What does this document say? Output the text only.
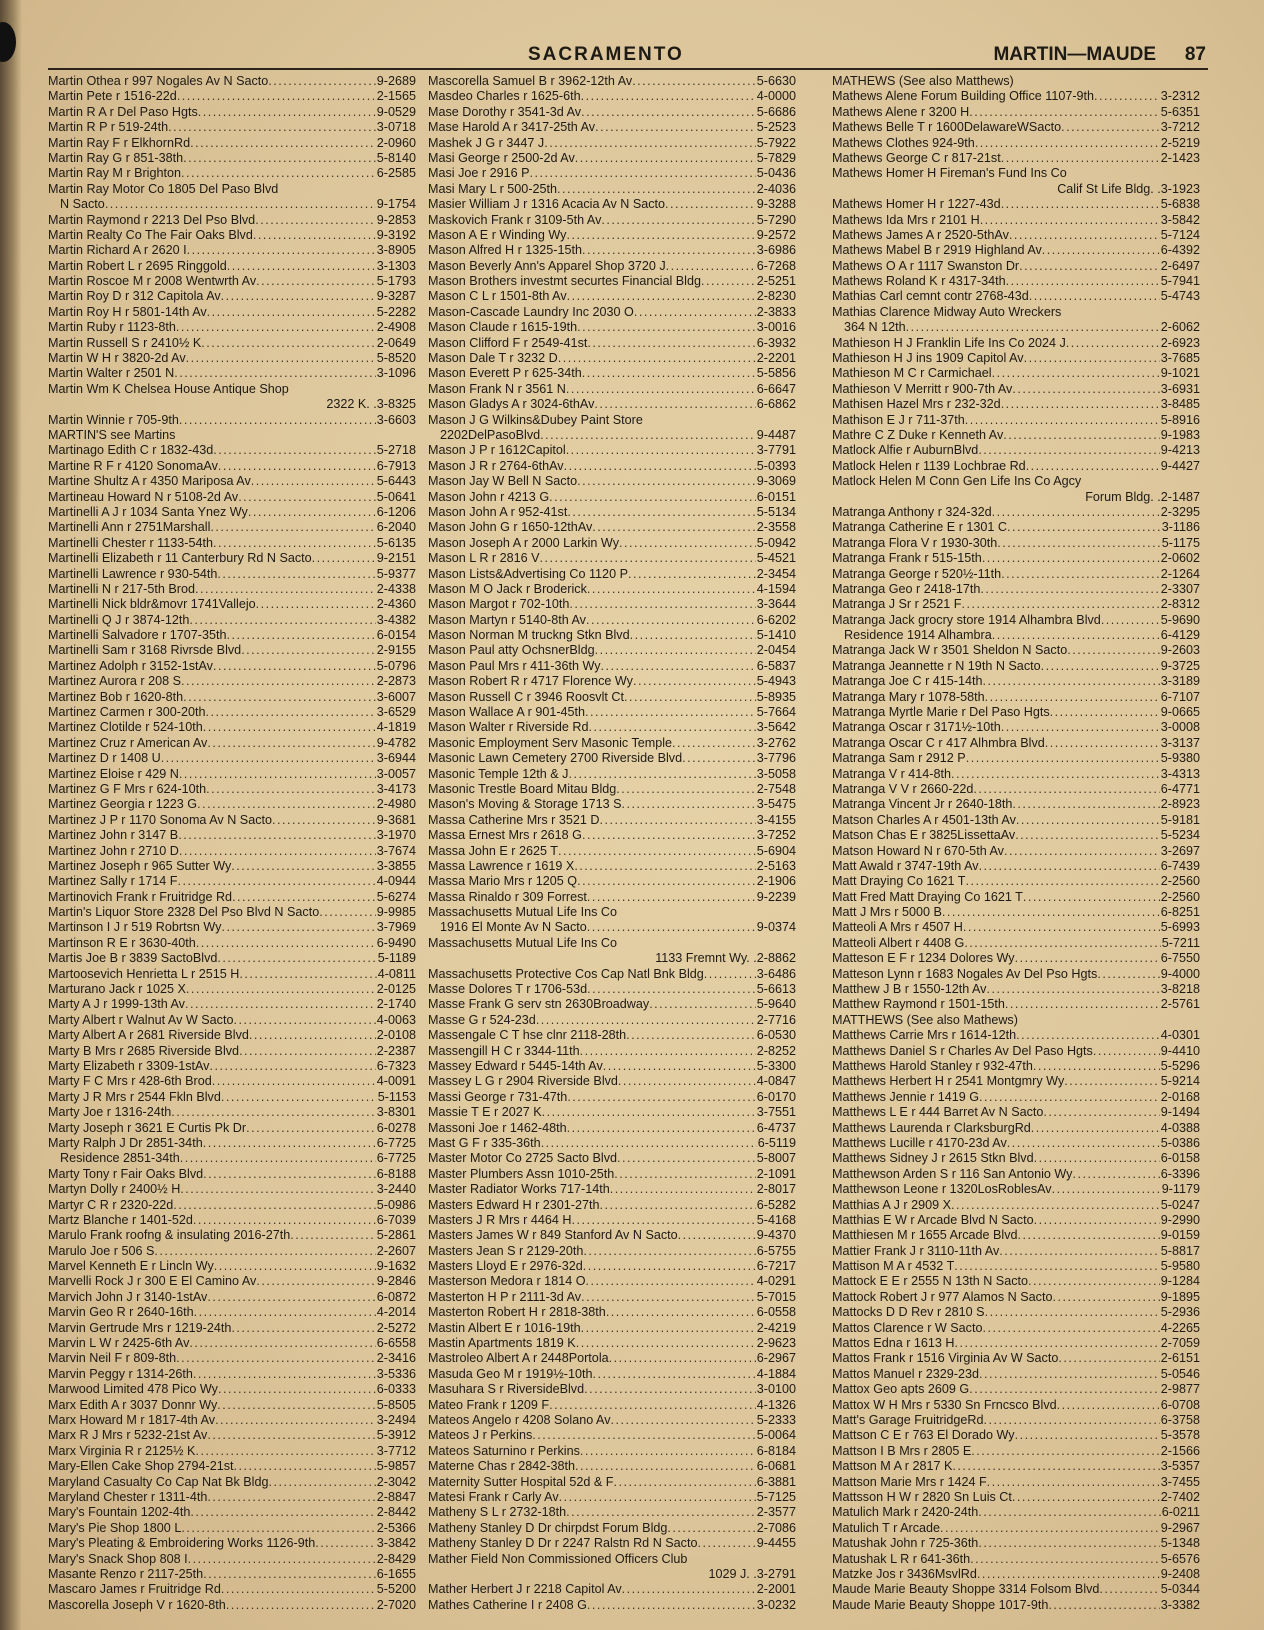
SACRAMENTO	MARTIN—MAUDE 87
Martin Othea r 997 Nogales Av N Sacto . . .	9-2689
Martin Pete r 1516-22d . . .	2-1565
Martin R A r Del Paso Hgts . . .	9-0529
Martin R P r 519-24th . . .	3-0718
Martin Ray F r ElkhornRd . . .	2-0960
Martin Ray G r 851-38th . . .	5-8140
Martin Ray M r Brighton . . .	6-2585
Martin Ray Motor Co 1805 Del Paso Blvd
N Sacto . . .	9-1754
Martin Raymond r 2213 Del Pso Blvd . . .	9-2853
Martin Realty Co The Fair Oaks Blvd . . .	9-3192
Martin Richard A r 2620 I . . .	3-8905
Martin Robert L r 2695 Ringgold . . .	3-1303
Martin Roscoe M r 2008 Wentwrth Av . . .	5-1793
Martin Roy D r 312 Capitola Av . . .	9-3287
Martin Roy H r 5801-14th Av . . .	5-2282
Martin Ruby r 1123-8th . . .	2-4908
Martin Russell S r 2410½ K . . .	2-0649
Martin W H r 3820-2d Av . . .	5-8520
Martin Walter r 2501 N . . .	3-1096
Martin Wm K Chelsea House Antique Shop
2322 K. .3-8325
Martin Winnie r 705-9th . . .	3-6603
MARTIN'S see Martins
Martinago Edith C r 1832-43d . . .	5-2718
Martine R F r 4120 SonomaAv . . .	6-7913
Martine Shultz A r 4350 Mariposa Av . . .	5-6443
Martineau Howard N r 5108-2d Av . . .	5-0641
Martinelli A J r 1034 Santa Ynez Wy . . .	6-1206
Martinelli Ann r 2751Marshall . . .	6-2040
Martinelli Chester r 1133-54th . . .	5-6135
Martinelli Elizabeth r 11 Canterbury Rd N Sacto . . .	9-2151
Martinelli Lawrence r 930-54th . . .	5-9377
Martinelli N r 217-5th Brod . . .	2-4338
Martinelli Nick bldr&movr 1741Vallejo . . .	2-4360
Martinelli Q J r 3874-12th . . .	3-4382
Martinelli Salvadore r 1707-35th . . .	6-0154
Martinelli Sam r 3168 Rivrsde Blvd . . .	2-9155
Martinez Adolph r 3152-1stAv . . .	5-0796
Martinez Aurora r 208 S . . .	2-2873
Martinez Bob r 1620-8th . . .	3-6007
Martinez Carmen r 300-20th . . .	3-6529
Martinez Clotilde r 524-10th . . .	4-1819
Martinez Cruz r American Av . . .	9-4782
Martinez D r 1408 U . . .	3-6944
Martinez Eloise r 429 N . . .	3-0057
Martinez G F Mrs r 624-10th . . .	3-4173
Martinez Georgia r 1223 G . . .	2-4980
Martinez J P r 1170 Sonoma Av N Sacto . . .	9-3681
Martinez John r 3147 B . . .	3-1970
Martinez John r 2710 D . . .	3-7674
Martinez Joseph r 965 Sutter Wy . . .	3-3855
Martinez Sally r 1714 F . . .	4-0944
Martinovich Frank r Fruitridge Rd . . .	5-6274
Martin's Liquor Store 2328 Del Pso Blvd N Sacto . . .	9-9985
Martinson I J r 519 Robrtsn Wy . . .	3-7969
Martinson R E r 3630-40th . . .	6-9490
Martis Joe B r 3839 SactoBlvd . . .	5-1189
Martoosevich Henrietta L r 2515 H . . .	4-0811
Marturano Jack r 1025 X . . .	2-0125
Marty A J r 1999-13th Av . . .	2-1740
Marty Albert r Walnut Av W Sacto . . .	4-0063
Marty Albert A r 2681 Riverside Blvd . . .	2-0108
Marty B Mrs r 2685 Riverside Blvd . . .	2-2387
Marty Elizabeth r 3309-1stAv . . .	6-7323
Marty F C Mrs r 428-6th Brod . . .	4-0091
Marty J R Mrs r 2544 Fkln Blvd . . .	5-1153
Marty Joe r 1316-24th . . .	3-8301
Marty Joseph r 3621 E Curtis Pk Dr . . .	6-0278
Marty Ralph J Dr 2851-34th . . .	6-7725
Residence 2851-34th . . .	6-7725
Marty Tony r Fair Oaks Blvd . . .	6-8188
Martyn Dolly r 2400½ H . . .	3-2440
Martyr C R r 2320-22d . . .	5-0986
Martz Blanche r 1401-52d . . .	6-7039
Marulo Frank roofng & insulating 2016-27th . . .	5-2861
Marulo Joe r 506 S . . .	2-2607
Marvel Kenneth E r Lincln Wy . . .	9-1632
Marvelli Rock J r 300 E El Camino Av . . .	9-2846
Marvich John J r 3140-1stAv . . .	6-0872
Marvin Geo R r 2640-16th . . .	4-2014
Marvin Gertrude Mrs r 1219-24th . . .	2-5272
Marvin L W r 2425-6th Av . . .	6-6558
Marvin Neil F r 809-8th . . .	2-3416
Marvin Peggy r 1314-26th . . .	3-5336
Marwood Limited 478 Pico Wy . . .	6-0333
Marx Edith A r 3037 Donnr Wy . . .	5-8505
Marx Howard M r 1817-4th Av . . .	3-2494
Marx R J Mrs r 5232-21st Av . . .	5-3912
Marx Virginia R r 2125½ K . . .	3-7712
Mary-Ellen Cake Shop 2794-21st . . .	5-9857
Maryland Casualty Co Cap Nat Bk Bldg . . .	2-3042
Maryland Chester r 1311-4th . . .	2-8847
Mary's Fountain 1202-4th . . .	2-8442
Mary's Pie Shop 1800 L . . .	2-5366
Mary's Pleating & Embroidering Works 1126-9th . . .	3-3842
Mary's Snack Shop 808 I . . .	2-8429
Masante Renzo r 2117-25th . . .	6-1655
Mascaro James r Fruitridge Rd . . .	5-5200
Mascorella Joseph V r 1620-8th . . .	2-7020
Mascorella Samuel B r 3962-12th Av . . .	5-6630
Masdeo Charles r 1625-6th . . .	4-0000
Mase Dorothy r 3541-3d Av . . .	5-6686
Mase Harold A r 3417-25th Av . . .	5-2523
Mashek J G r 3447 J . . .	5-7922
Masi George r 2500-2d Av . . .	5-7829
Masi Joe r 2916 P . . .	5-0436
Masi Mary L r 500-25th . . .	2-4036
Masier William J r 1316 Acacia Av N Sacto . . .	9-3288
Maskovich Frank r 3109-5th Av . . .	5-7290
Mason A E r Winding Wy . . .	9-2572
Mason Alfred H r 1325-15th . . .	3-6986
Mason Beverly Ann's Apparel Shop 3720 J . . .	6-7268
Mason Brothers investmt securtes Financial Bldg . . .	2-5251
Mason C L r 1501-8th Av . . .	2-8230
Mason-Cascade Laundry Inc 2030 O . . .	2-3833
Mason Claude r 1615-19th . . .	3-0016
Mason Clifford F r 2549-41st . . .	6-3932
Mason Dale T r 3232 D . . .	2-2201
Mason Everett P r 625-34th . . .	5-5856
Mason Frank N r 3561 N . . .	6-6647
Mason Gladys A r 3024-6thAv . . .	6-6862
Mason J G Wilkins&Dubey Paint Store
2202DelPasoBlvd . . .	9-4487
Mason J P r 1612Capitol . . .	3-7791
Mason J R r 2764-6thAv . . .	5-0393
Mason Jay W Bell N Sacto . . .	9-3069
Mason John r 4213 G . . .	6-0151
Mason John A r 952-41st . . .	5-5134
Mason John G r 1650-12thAv . . .	2-3558
Mason Joseph A r 2000 Larkin Wy . . .	5-0942
Mason L R r 2816 V . . .	5-4521
Mason Lists&Advertising Co 1120 P . . .	2-3454
Mason M O Jack r Broderick . . .	4-1594
Mason Margot r 702-10th . . .	3-3644
Mason Martyn r 5140-8th Av . . .	6-6202
Mason Norman M truckng Stkn Blvd . . .	5-1410
Mason Paul atty OchsnerBldg . . .	2-0454
Mason Paul Mrs r 411-36th Wy . . .	6-5837
Mason Robert R r 4717 Florence Wy . . .	5-4943
Mason Russell C r 3946 Roosvlt Ct . . .	5-8935
Mason Wallace A r 901-45th . . .	5-7664
Mason Walter r Riverside Rd . . .	3-5642
Masonic Employment Serv Masonic Temple . . .	3-2762
Masonic Lawn Cemetery 2700 Riverside Blvd . . .	3-7796
Masonic Temple 12th & J . . .	3-5058
Masonic Trestle Board Mitau Bldg . . .	2-7548
Mason's Moving & Storage 1713 S . . .	3-5475
Massa Catherine Mrs r 3521 D . . .	3-4155
Massa Ernest Mrs r 2618 G . . .	3-7252
Massa John E r 2625 T . . .	5-6904
Massa Lawrence r 1619 X . . .	2-5163
Massa Mario Mrs r 1205 Q . . .	2-1906
Massa Rinaldo r 309 Forrest . . .	9-2239
Massachusetts Mutual Life Ins Co
1916 El Monte Av N Sacto . . .	9-0374
Massachusetts Mutual Life Ins Co
1133 Fremnt Wy. .2-8862
Massachusetts Protective Cos Cap Natl Bnk Bldg . . .	3-6486
Masse Dolores T r 1706-53d . . .	5-6613
Masse Frank G serv stn 2630Broadway . . .	5-9640
Masse G r 524-23d . . .	2-7716
Massengale C T hse clnr 2118-28th . . .	6-0530
Massengill H C r 3344-11th . . .	2-8252
Massey Edward r 5445-14th Av . . .	5-3300
Massey L G r 2904 Riverside Blvd . . .	4-0847
Massi George r 731-47th . . .	6-0170
Massie T E r 2027 K . . .	3-7551
Massoni Joe r 1462-48th . . .	6-4737
Mast G F r 335-36th . . .	6-5119
Master Motor Co 2725 Sacto Blvd . . .	5-8007
Master Plumbers Assn 1010-25th . . .	2-1091
Master Radiator Works 717-14th . . .	2-8017
Masters Edward H r 2301-27th . . .	6-5282
Masters J R Mrs r 4464 H . . .	5-4168
Masters James W r 849 Stanford Av N Sacto . . .	9-4370
Masters Jean S r 2129-20th . . .	6-5755
Masters Lloyd E r 2976-32d . . .	6-7217
Masterson Medora r 1814 O . . .	4-0291
Masterton H P r 2111-3d Av . . .	5-7015
Masterton Robert H r 2818-38th . . .	6-0558
Mastin Albert E r 1016-19th . . .	2-4219
Mastin Apartments 1819 K . . .	2-9623
Mastroleo Albert A r 2448Portola . . .	6-2967
Masuda Geo M r 1919½-10th . . .	4-1884
Masuhara S r RiversideBlvd . . .	3-0100
Mateo Frank r 1209 F . . .	4-1326
Mateos Angelo r 4208 Solano Av . . .	5-2333
Mateos J r Perkins . . .	5-0064
Mateos Saturnino r Perkins . . .	6-8184
Materne Chas r 2842-38th . . .	6-0681
Maternity Sutter Hospital 52d & F . . .	6-3881
Matesi Frank r Carly Av . . .	5-7125
Matheny S L r 2732-18th . . .	2-3577
Matheny Stanley D Dr chirpdst Forum Bldg . . .	2-7086
Matheny Stanley D Dr r 2247 Ralstn Rd N Sacto . . .	9-4455
Mather Field Non Commissioned Officers Club
1029 J. .3-2791
Mather Herbert J r 2218 Capitol Av . . .	2-2001
Mathes Catherine I r 2408 G . . .	3-0232
MATHEWS (See also Matthews)
Mathews Alene Forum Building Office 1107-9th . . .	3-2312
Mathews Alene r 3200 H . . .	5-6351
Mathews Belle T r 1600DelawareWSacto . . .	3-7212
Mathews Clothes 924-9th . . .	2-5219
Mathews George C r 817-21st . . .	2-1423
Mathews Homer H Fireman's Fund Ins Co
Calif St Life Bldg. .3-1923
Mathews Homer H r 1227-43d . . .	5-6838
Mathews Ida Mrs r 2101 H . . .	3-5842
Mathews James A r 2520-5thAv . . .	5-7124
Mathews Mabel B r 2919 Highland Av . . .	6-4392
Mathews O A r 1117 Swanston Dr . . .	2-6497
Mathews Roland K r 4317-34th . . .	5-7941
Mathias Carl cemnt contr 2768-43d . . .	5-4743
Mathias Clarence Midway Auto Wreckers
364 N 12th . . .	2-6062
Mathieson H J Franklin Life Ins Co 2024 J . . .	2-6923
Mathieson H J ins 1909 Capitol Av . . .	3-7685
Mathieson M C r Carmichael . . .	9-1021
Mathieson V Merritt r 900-7th Av . . .	3-6931
Mathisen Hazel Mrs r 232-32d . . .	3-8485
Mathison E J r 711-37th . . .	5-8916
Mathre C Z Duke r Kenneth Av . . .	9-1983
Matlock Alfie r AuburnBlvd . . .	9-4213
Matlock Helen r 1139 Lochbrae Rd . . .	9-4427
Matlock Helen M Conn Gen Life Ins Co Agcy
Forum Bldg. .2-1487
Matranga Anthony r 324-32d . . .	2-3295
Matranga Catherine E r 1301 C . . .	3-1186
Matranga Flora V r 1930-30th . . .	5-1175
Matranga Frank r 515-15th . . .	2-0602
Matranga George r 520½-11th . . .	2-1264
Matranga Geo r 2418-17th . . .	2-3307
Matranga J Sr r 2521 F . . .	2-8312
Matranga Jack grocry store 1914 Alhambra Blvd . . .	5-9690
Residence 1914 Alhambra . . .	6-4129
Matranga Jack W r 3501 Sheldon N Sacto . . .	9-2603
Matranga Jeannette r N 19th N Sacto . . .	9-3725
Matranga Joe C r 415-14th . . .	3-3189
Matranga Mary r 1078-58th . . .	6-7107
Matranga Myrtle Marie r Del Paso Hgts . . .	9-0665
Matranga Oscar r 3171½-10th . . .	3-0008
Matranga Oscar C r 417 Alhmbra Blvd . . .	3-3137
Matranga Sam r 2912 P . . .	5-9380
Matranga V r 414-8th . . .	3-4313
Matranga V V r 2660-22d . . .	6-4771
Matranga Vincent Jr r 2640-18th . . .	2-8923
Matson Charles A r 4501-13th Av . . .	5-9181
Matson Chas E r 3825LissettaAv . . .	5-5234
Matson Howard N r 670-5th Av . . .	3-2697
Matt Awald r 3747-19th Av . . .	6-7439
Matt Draying Co 1621 T . . .	2-2560
Matt Fred Matt Draying Co 1621 T . . .	2-2560
Matt J Mrs r 5000 B . . .	6-8251
Matteoli A Mrs r 4507 H . . .	5-6993
Matteoli Albert r 4408 G . . .	5-7211
Matteson E F r 1234 Dolores Wy . . .	6-7550
Matteson Lynn r 1683 Nogales Av Del Pso Hgts . . .	9-4000
Matthew J B r 1550-12th Av . . .	3-8218
Matthew Raymond r 1501-15th . . .	2-5761
MATTHEWS (See also Mathews)
Matthews Carrie Mrs r 1614-12th . . .	4-0301
Matthews Daniel S r Charles Av Del Paso Hgts . . .	9-4410
Matthews Harold Stanley r 932-47th . . .	5-5296
Matthews Herbert H r 2541 Montgmry Wy . . .	5-9214
Matthews Jennie r 1419 G . . .	2-0168
Matthews L E r 444 Barret Av N Sacto . . .	9-1494
Matthews Laurenda r ClarksburgRd . . .	4-0388
Matthews Lucille r 4170-23d Av . . .	5-0386
Matthews Sidney J r 2615 Stkn Blvd . . .	6-0158
Matthewson Arden S r 116 San Antonio Wy . . .	6-3396
Matthewson Leone r 1320LosRoblesAv . . .	9-1179
Matthias A J r 2909 X . . .	5-0247
Matthias E W r Arcade Blvd N Sacto . . .	9-2990
Matthiesen M r 1655 Arcade Blvd . . .	9-0159
Mattier Frank J r 3110-11th Av . . .	5-8817
Mattison M A r 4532 T . . .	5-9580
Mattock E E r 2555 N 13th N Sacto . . .	9-1284
Mattock Robert J r 977 Alamos N Sacto . . .	9-1895
Mattocks D D Rev r 2810 S . . .	5-2936
Mattos Clarence r W Sacto . . .	4-2265
Mattos Edna r 1613 H . . .	2-7059
Mattos Frank r 1516 Virginia Av W Sacto . . .	2-6151
Mattos Manuel r 2329-23d . . .	5-0546
Mattox Geo apts 2609 G . . .	2-9877
Mattox W H Mrs r 5330 Sn Frncsco Blvd . . .	6-0708
Matt's Garage FruitridgeRd . . .	6-3758
Mattson C E r 763 El Dorado Wy . . .	5-3578
Mattson I B Mrs r 2805 E . . .	2-1566
Mattson M A r 2817 K . . .	3-5357
Mattson Marie Mrs r 1424 F . . .	3-7455
Mattsson H W r 2820 Sn Luis Ct . . .	2-7402
Matulich Mark r 2420-24th . . .	6-0211
Matulich T r Arcade . . .	9-2967
Matushak John r 725-36th . . .	5-1348
Matushak L R r 641-36th . . .	5-6576
Matzke Jos r 3436MsvlRd . . .	9-2408
Maude Marie Beauty Shoppe 3314 Folsom Blvd . . .	5-0344
Maude Marie Beauty Shoppe 1017-9th . . .	3-3382
